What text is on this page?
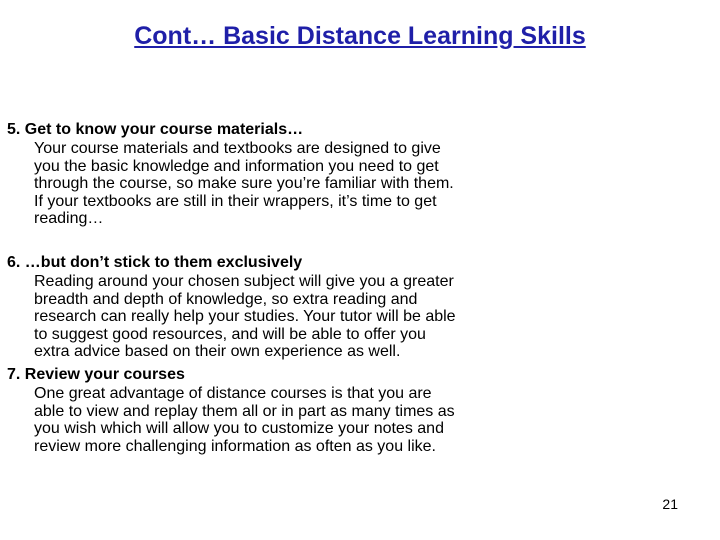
Cont… Basic Distance Learning Skills
5. Get to know your course materials…
Your course materials and textbooks are designed to give
you the basic knowledge and information you need to get
through the course, so make sure you’re familiar with them.
If your textbooks are still in their wrappers, it’s time to get
reading…
6. …but don’t stick to them exclusively
Reading around your chosen subject will give you a greater
breadth and depth of knowledge, so extra reading and
research can really help your studies. Your tutor will be able
to suggest good resources, and will be able to offer you
extra advice based on their own experience as well.
7. Review your courses
One great advantage of distance courses is that you are
able to view and replay them all or in part as many times as
you wish which will allow you to customize your notes and
review more challenging information as often as you like.
21
